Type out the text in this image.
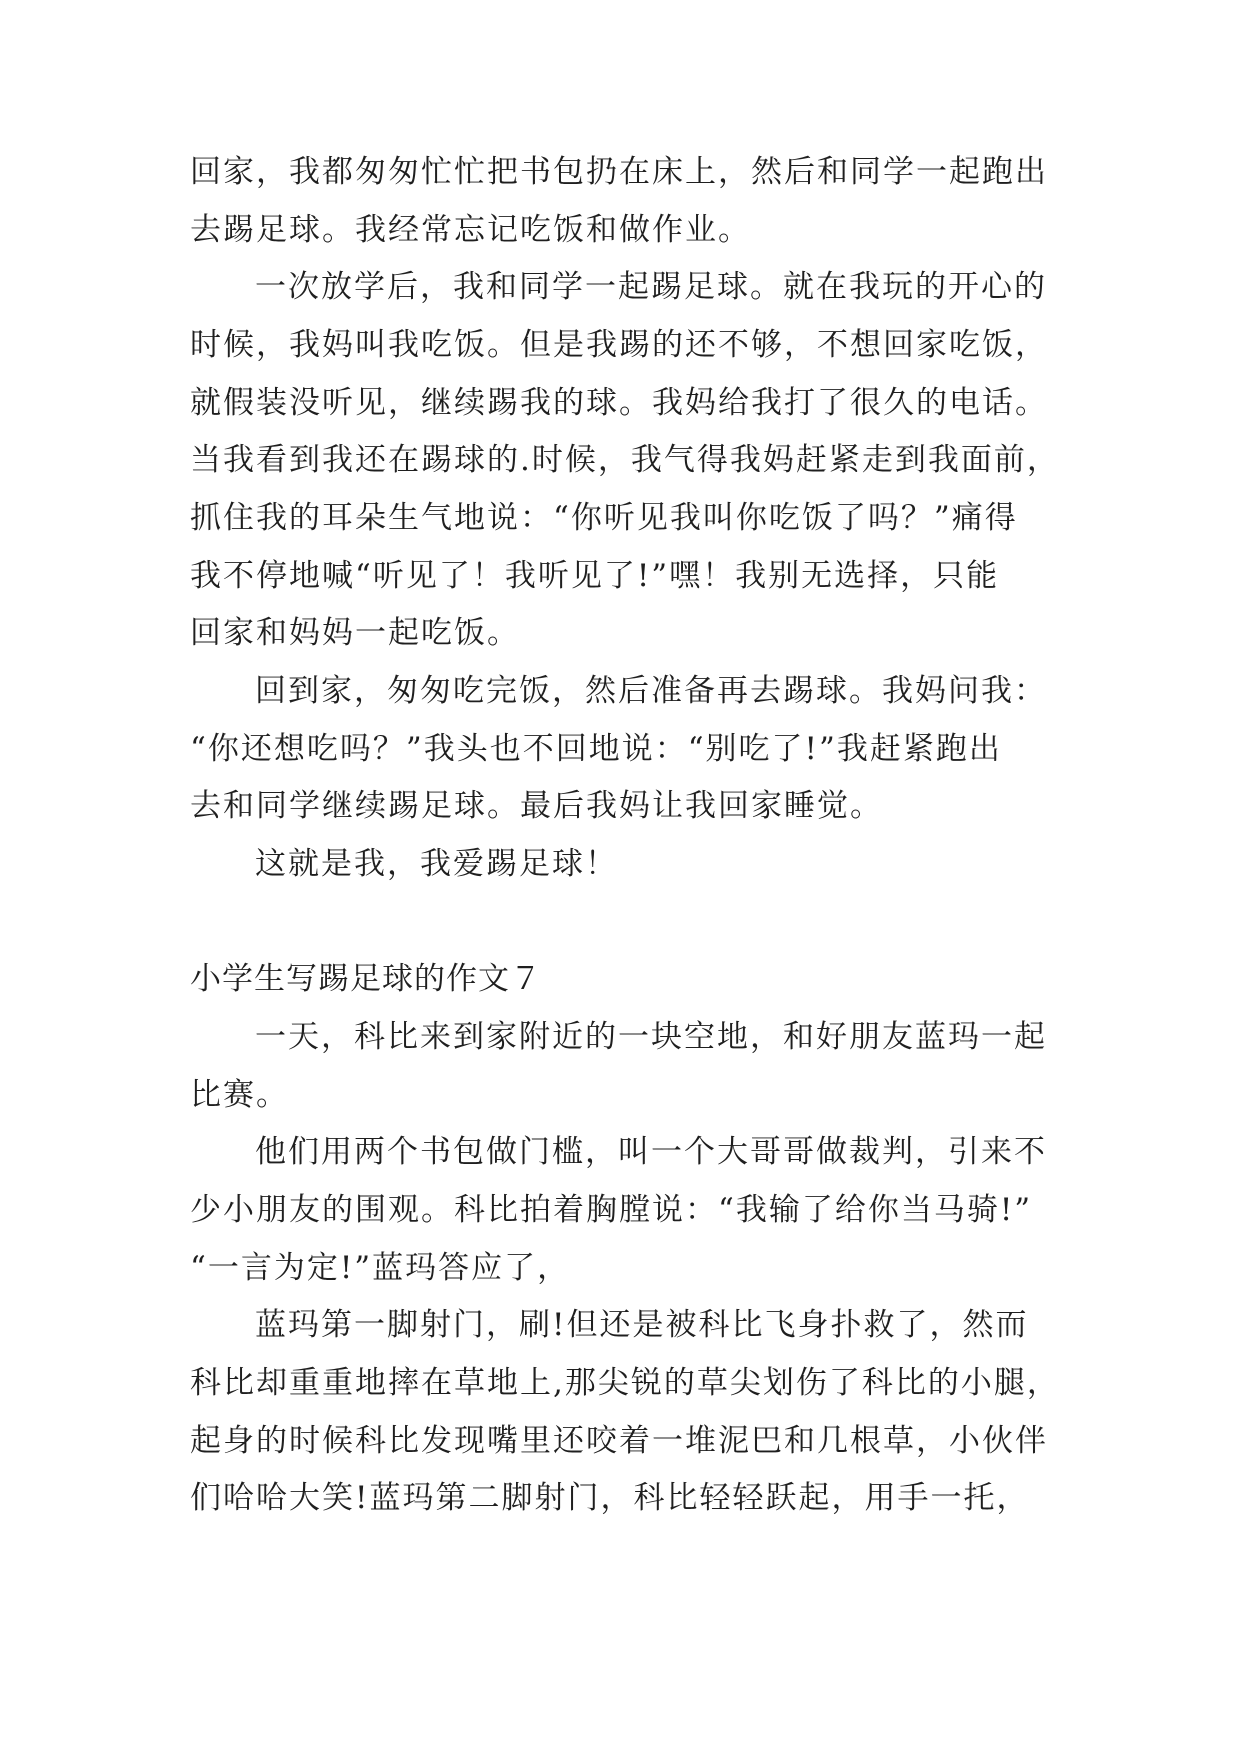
回家，我都匆匆忙忙把书包扔在床上，然后和同学一起跑出

去踢足球。我经常忘记吃饭和做作业。

一次放学后，我和同学一起踢足球。就在我玩的开心的

时候，我妈叫我吃饭。但是我踢的还不够，不想回家吃饭，

就假装没听见，继续踢我的球。我妈给我打了很久的电话。

当我看到我还在踢球的.时候，我气得我妈赶紧走到我面前，

抓住我的耳朵生气地说：“你听见我叫你吃饭了吗？”痛得

我不停地喊“听见了！我听见了!”嘿！我别无选择，只能

回家和妈妈一起吃饭。

回到家，匆匆吃完饭，然后准备再去踢球。我妈问我：

“你还想吃吗？”我头也不回地说：“别吃了!”我赶紧跑出

去和同学继续踢足球。最后我妈让我回家睡觉。

这就是我，我爱踢足球！

小学生写踢足球的作文７

一天，科比来到家附近的一块空地，和好朋友蓝玛一起

比赛。

他们用两个书包做门槛，叫一个大哥哥做裁判，引来不

少小朋友的围观。科比拍着胸膛说：“我输了给你当马骑!”

“一言为定!”蓝玛答应了，

蓝玛第一脚射门，刷!但还是被科比飞身扑救了，然而

科比却重重地摔在草地上,那尖锐的草尖划伤了科比的小腿，

起身的时候科比发现嘴里还咬着一堆泥巴和几根草，小伙伴

们哈哈大笑!蓝玛第二脚射门，科比轻轻跃起，用手一托，
